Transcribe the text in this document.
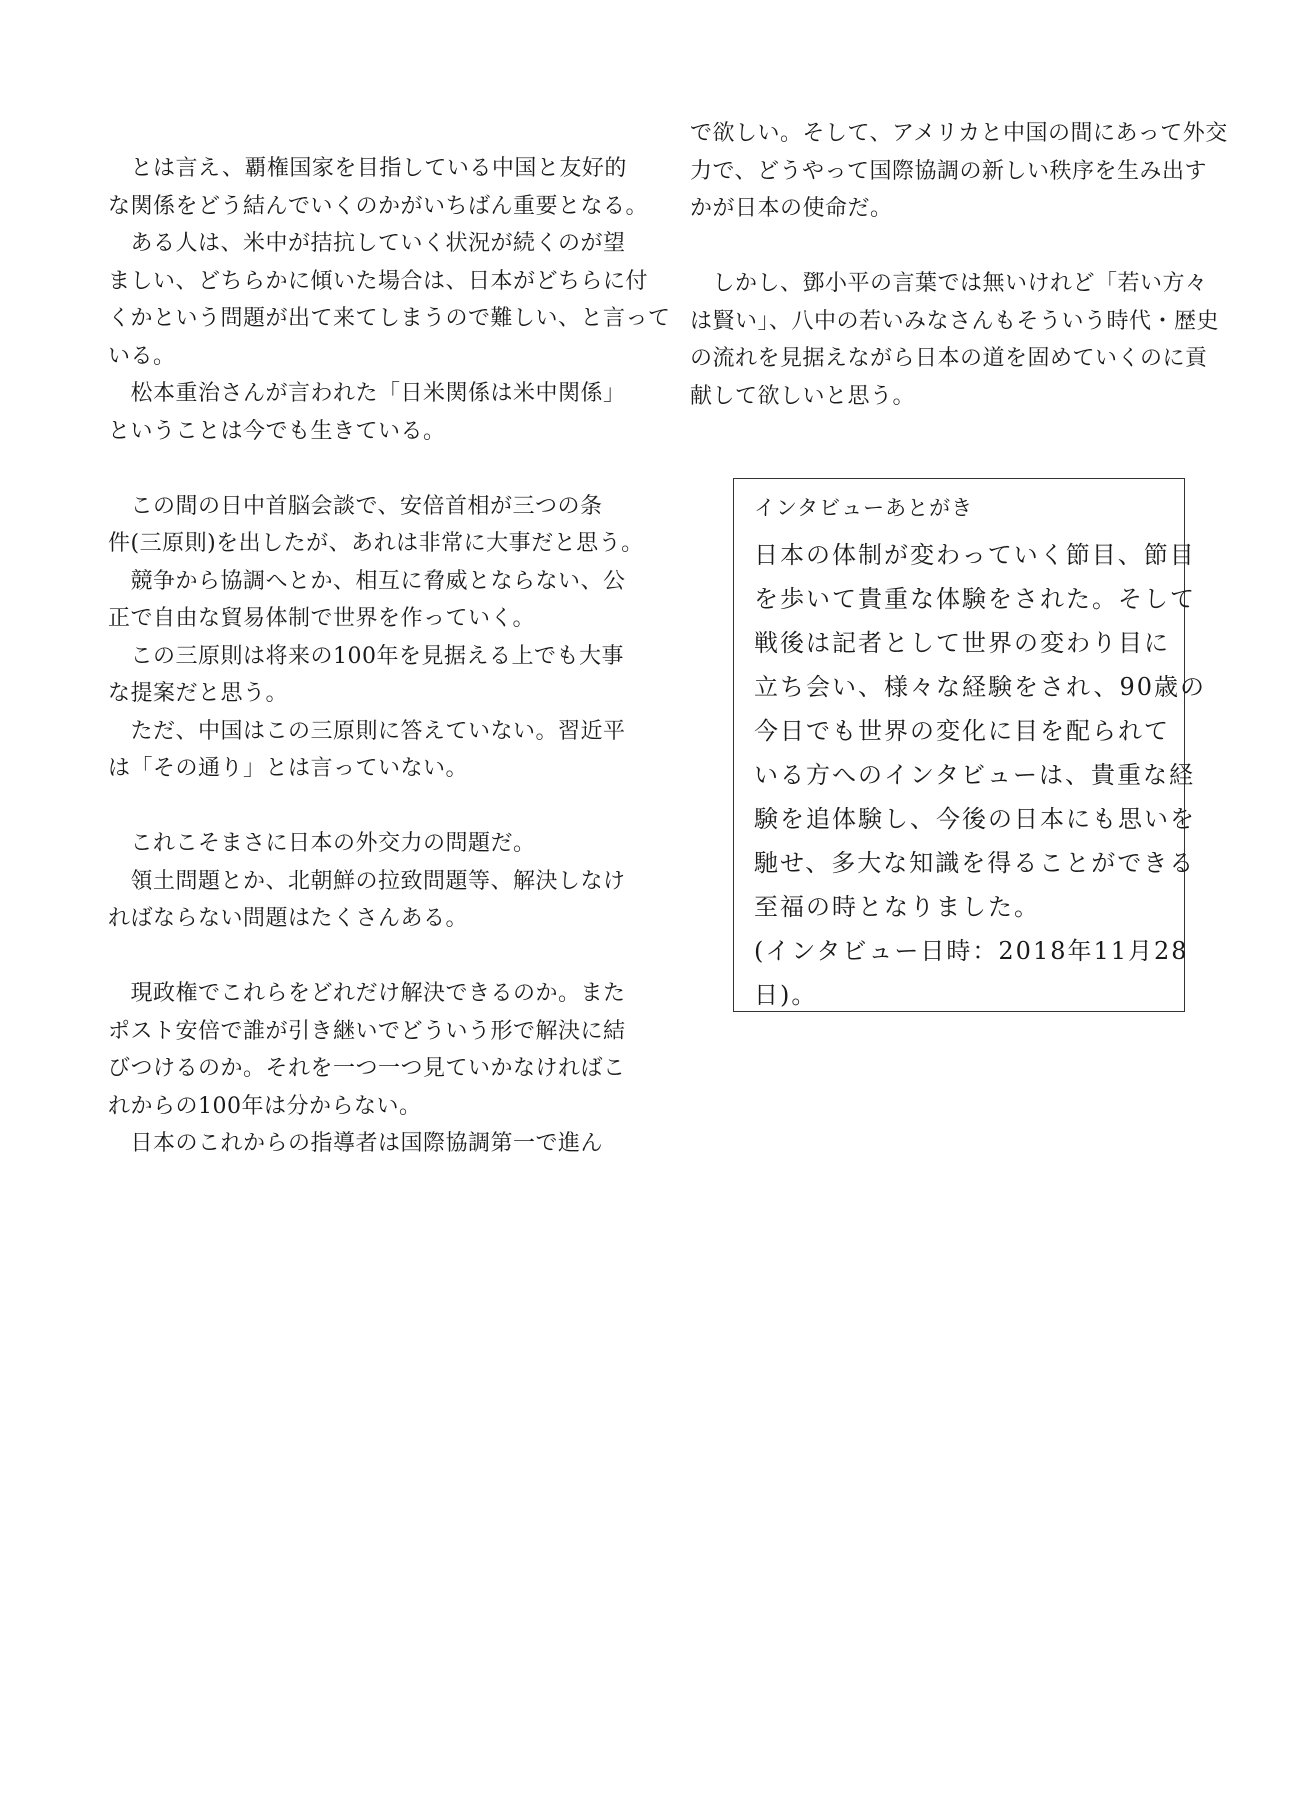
　とは言え、覇権国家を目指している中国と友好的
な関係をどう結んでいくのかがいちばん重要となる。
　ある人は、米中が拮抗していく状況が続くのが望
ましい、どちらかに傾いた場合は、日本がどちらに付
くかという問題が出て来てしまうので難しい、と言って
いる。
　松本重治さんが言われた「日米関係は米中関係」
ということは今でも生きている。
　この間の日中首脳会談で、安倍首相が三つの条
件(三原則)を出したが、あれは非常に大事だと思う。
　競争から協調へとか、相互に脅威とならない、公
正で自由な貿易体制で世界を作っていく。
　この三原則は将来の100年を見据える上でも大事
な提案だと思う。
　ただ、中国はこの三原則に答えていない。習近平
は「その通り」とは言っていない。
　これこそまさに日本の外交力の問題だ。
　領土問題とか、北朝鮮の拉致問題等、解決しなけ
ればならない問題はたくさんある。
　現政権でこれらをどれだけ解決できるのか。また
ポスト安倍で誰が引き継いでどういう形で解決に結
びつけるのか。それを一つ一つ見ていかなければこ
れからの100年は分からない。
　日本のこれからの指導者は国際協調第一で進ん
で欲しい。そして、アメリカと中国の間にあって外交
力で、どうやって国際協調の新しい秩序を生み出す
かが日本の使命だ。
　しかし、鄧小平の言葉では無いけれど「若い方々
は賢い」、八中の若いみなさんもそういう時代・歴史
の流れを見据えながら日本の道を固めていくのに貢
献して欲しいと思う。
インタビューあとがき
日本の体制が変わっていく節目、節目
を歩いて貴重な体験をされた。そして
戦後は記者として世界の変わり目に
立ち会い、様々な経験をされ、90歳の
今日でも世界の変化に目を配られて
いる方へのインタビューは、貴重な経
験を追体験し、今後の日本にも思いを
馳せ、多大な知識を得ることができる
至福の時となりました。
(インタビュー日時：2018年11月28
日)。
